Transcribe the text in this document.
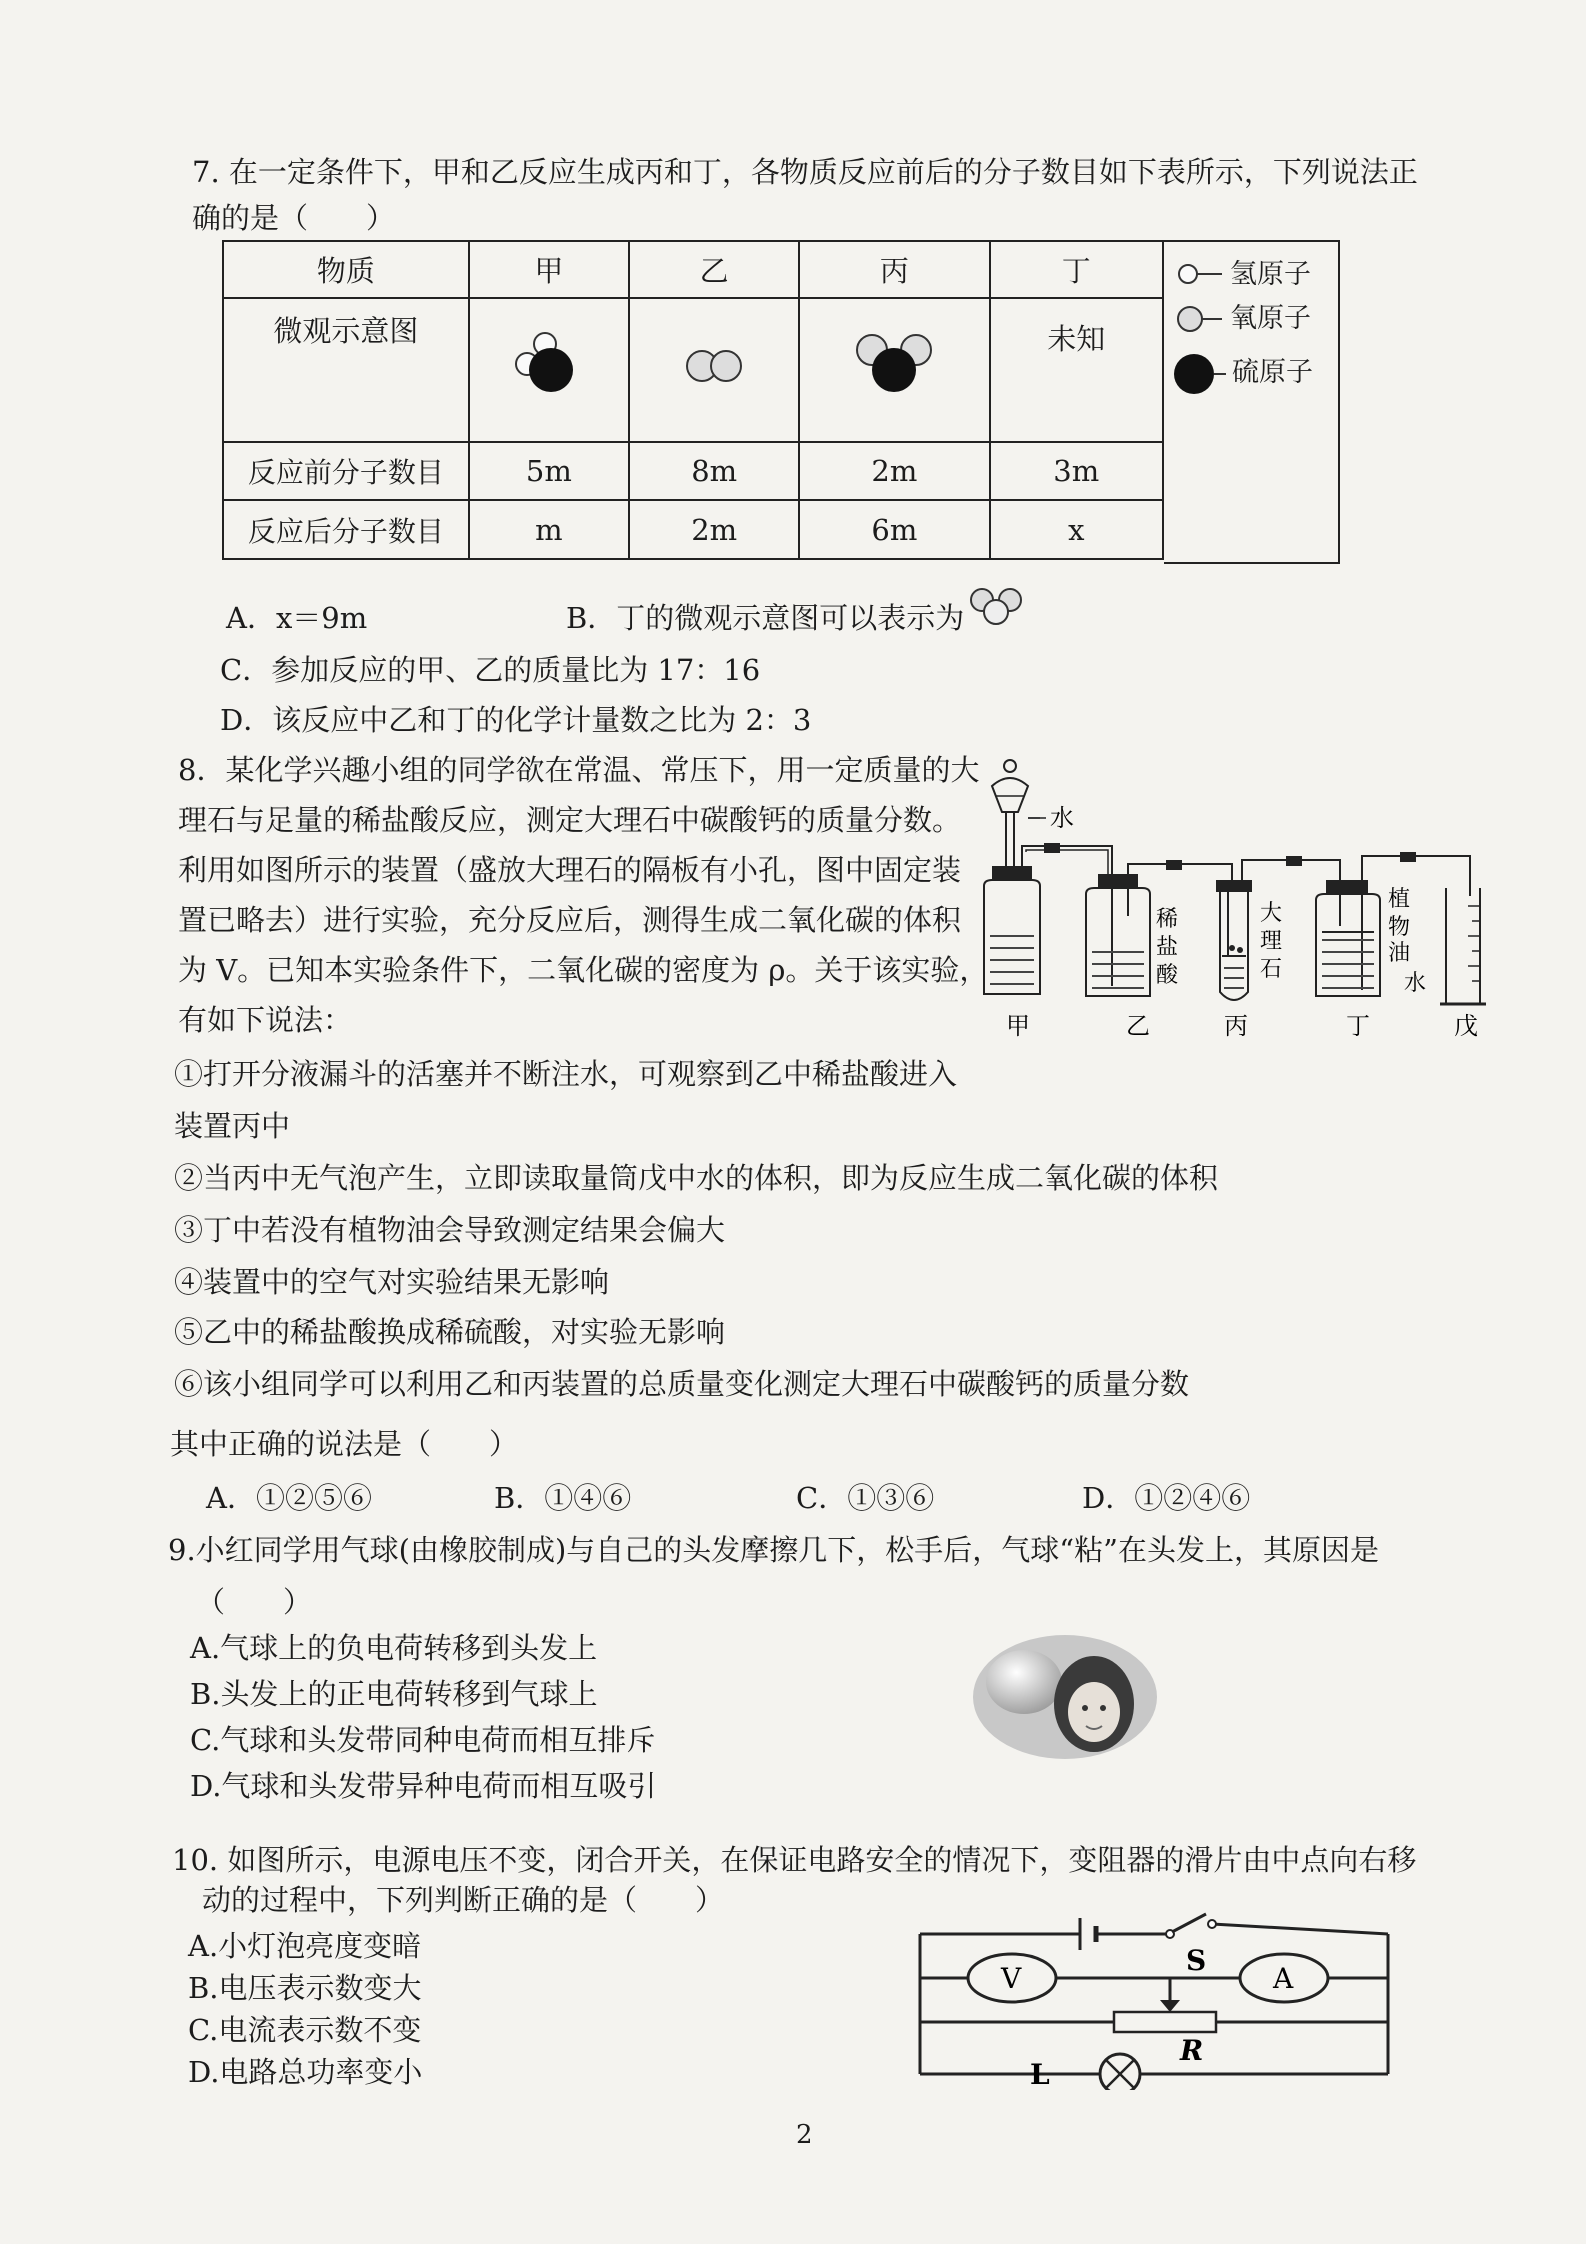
7. 在一定条件下，甲和乙反应生成丙和丁，各物质反应前后的分子数目如下表所示，下列说法正
确的是（　　）
物质	甲	乙	丙	丁
微观示意图				未知
反应前分子数目	5m	8m	2m	3m
反应后分子数目	m	2m	6m	x
氢原子
氧原子
硫原子
A．x＝9m	B．丁的微观示意图可以表示为
C．参加反应的甲、乙的质量比为 17：16
D．该反应中乙和丁的化学计量数之比为 2：3
8．某化学兴趣小组的同学欲在常温、常压下，用一定质量的大
理石与足量的稀盐酸反应，测定大理石中碳酸钙的质量分数。
利用如图所示的装置（盛放大理石的隔板有小孔，图中固定装
置已略去）进行实验，充分反应后，测得生成二氧化碳的体积
为 V。已知本实验条件下，二氧化碳的密度为 ρ。关于该实验，
有如下说法：
水
稀
盐
酸
大
理
石
植
物
油
水
甲	乙	丙	丁	戊
①打开分液漏斗的活塞并不断注水，可观察到乙中稀盐酸进入
装置丙中
②当丙中无气泡产生，立即读取量筒戊中水的体积，即为反应生成二氧化碳的体积
③丁中若没有植物油会导致测定结果会偏大
④装置中的空气对实验结果无影响
⑤乙中的稀盐酸换成稀硫酸，对实验无影响
⑥该小组同学可以利用乙和丙装置的总质量变化测定大理石中碳酸钙的质量分数
其中正确的说法是（　　）
A．①②⑤⑥	B．①④⑥	C．①③⑥	D．①②④⑥
9.小红同学用气球(由橡胶制成)与自己的头发摩擦几下，松手后，气球“粘”在头发上，其原因是
（　　）
A.气球上的负电荷转移到头发上
B.头发上的正电荷转移到气球上
C.气球和头发带同种电荷而相互排斥
D.气球和头发带异种电荷而相互吸引
10. 如图所示，电源电压不变，闭合开关，在保证电路安全的情况下，变阻器的滑片由中点向右移
动的过程中，下列判断正确的是（　　）
A.小灯泡亮度变暗
B.电压表示数变大
C.电流表示数不变
D.电路总功率变小
S
V	A
L
R
2
